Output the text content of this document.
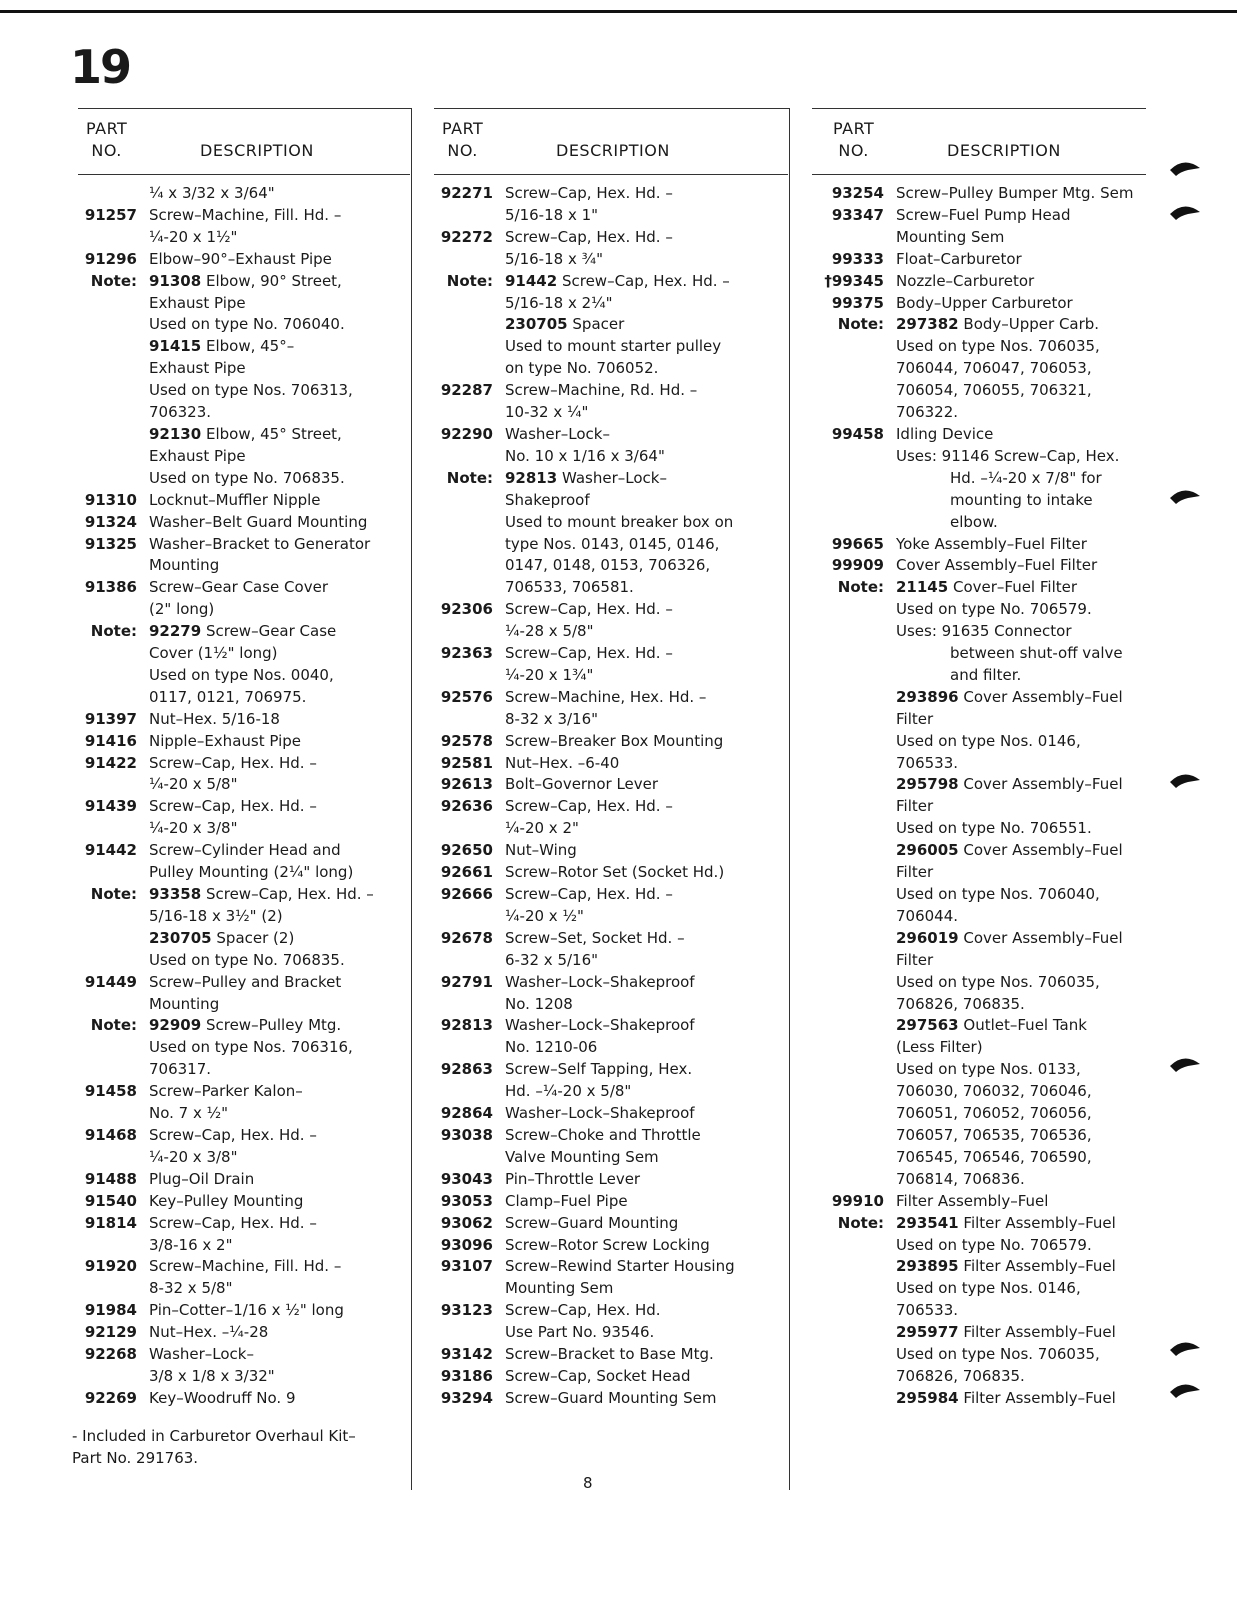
19
PART
NO.	DESCRIPTION
PART
NO.	DESCRIPTION
PART
NO.	DESCRIPTION
¼ x 3/32 x 3/64"
91257 Screw–Machine, Fill. Hd. –
¼-20 x 1½"
91296 Elbow–90°–Exhaust Pipe
Note: 91308 Elbow, 90° Street,
Exhaust Pipe
Used on type No. 706040.
91415 Elbow, 45°–
Exhaust Pipe
Used on type Nos. 706313,
706323.
92130 Elbow, 45° Street,
Exhaust Pipe
Used on type No. 706835.
91310 Locknut–Muffler Nipple
91324 Washer–Belt Guard Mounting
91325 Washer–Bracket to Generator
Mounting
91386 Screw–Gear Case Cover
(2" long)
Note: 92279 Screw–Gear Case
Cover (1½" long)
Used on type Nos. 0040,
0117, 0121, 706975.
91397 Nut–Hex. 5/16-18
91416 Nipple–Exhaust Pipe
91422 Screw–Cap, Hex. Hd. –
¼-20 x 5/8"
91439 Screw–Cap, Hex. Hd. –
¼-20 x 3/8"
91442 Screw–Cylinder Head and
Pulley Mounting (2¼" long)
Note: 93358 Screw–Cap, Hex. Hd. –
5/16-18 x 3½" (2)
230705 Spacer (2)
Used on type No. 706835.
91449 Screw–Pulley and Bracket
Mounting
Note: 92909 Screw–Pulley Mtg.
Used on type Nos. 706316,
706317.
91458 Screw–Parker Kalon–
No. 7 x ½"
91468 Screw–Cap, Hex. Hd. –
¼-20 x 3/8"
91488 Plug–Oil Drain
91540 Key–Pulley Mounting
91814 Screw–Cap, Hex. Hd. –
3/8-16 x 2"
91920 Screw–Machine, Fill. Hd. –
8-32 x 5/8"
91984 Pin–Cotter–1/16 x ½" long
92129 Nut–Hex. –¼-28
92268 Washer–Lock–
3/8 x 1/8 x 3/32"
92269 Key–Woodruff No. 9
92271 Screw–Cap, Hex. Hd. –
5/16-18 x 1"
92272 Screw–Cap, Hex. Hd. –
5/16-18 x ¾"
Note: 91442 Screw–Cap, Hex. Hd. –
5/16-18 x 2¼"
230705 Spacer
Used to mount starter pulley
on type No. 706052.
92287 Screw–Machine, Rd. Hd. –
10-32 x ¼"
92290 Washer–Lock–
No. 10 x 1/16 x 3/64"
Note: 92813 Washer–Lock–
Shakeproof
Used to mount breaker box on
type Nos. 0143, 0145, 0146,
0147, 0148, 0153, 706326,
706533, 706581.
92306 Screw–Cap, Hex. Hd. –
¼-28 x 5/8"
92363 Screw–Cap, Hex. Hd. –
¼-20 x 1¾"
92576 Screw–Machine, Hex. Hd. –
8-32 x 3/16"
92578 Screw–Breaker Box Mounting
92581 Nut–Hex. –6-40
92613 Bolt–Governor Lever
92636 Screw–Cap, Hex. Hd. –
¼-20 x 2"
92650 Nut–Wing
92661 Screw–Rotor Set (Socket Hd.)
92666 Screw–Cap, Hex. Hd. –
¼-20 x ½"
92678 Screw–Set, Socket Hd. –
6-32 x 5/16"
92791 Washer–Lock–Shakeproof
No. 1208
92813 Washer–Lock–Shakeproof
No. 1210-06
92863 Screw–Self Tapping, Hex.
Hd. –¼-20 x 5/8"
92864 Washer–Lock–Shakeproof
93038 Screw–Choke and Throttle
Valve Mounting Sem
93043 Pin–Throttle Lever
93053 Clamp–Fuel Pipe
93062 Screw–Guard Mounting
93096 Screw–Rotor Screw Locking
93107 Screw–Rewind Starter Housing
Mounting Sem
93123 Screw–Cap, Hex. Hd.
Use Part No. 93546.
93142 Screw–Bracket to Base Mtg.
93186 Screw–Cap, Socket Head
93294 Screw–Guard Mounting Sem
93254 Screw–Pulley Bumper Mtg. Sem
93347 Screw–Fuel Pump Head
Mounting Sem
99333 Float–Carburetor
†99345 Nozzle–Carburetor
99375 Body–Upper Carburetor
Note: 297382 Body–Upper Carb.
Used on type Nos. 706035,
706044, 706047, 706053,
706054, 706055, 706321,
706322.
99458 Idling Device
Uses: 91146 Screw–Cap, Hex.
Hd. –¼-20 x 7/8" for
mounting to intake
elbow.
99665 Yoke Assembly–Fuel Filter
99909 Cover Assembly–Fuel Filter
Note: 21145 Cover–Fuel Filter
Used on type No. 706579.
Uses: 91635 Connector
between shut-off valve
and filter.
293896 Cover Assembly–Fuel
Filter
Used on type Nos. 0146,
706533.
295798 Cover Assembly–Fuel
Filter
Used on type No. 706551.
296005 Cover Assembly–Fuel
Filter
Used on type Nos. 706040,
706044.
296019 Cover Assembly–Fuel
Filter
Used on type Nos. 706035,
706826, 706835.
297563 Outlet–Fuel Tank
(Less Filter)
Used on type Nos. 0133,
706030, 706032, 706046,
706051, 706052, 706056,
706057, 706535, 706536,
706545, 706546, 706590,
706814, 706836.
99910 Filter Assembly–Fuel
Note: 293541 Filter Assembly–Fuel
Used on type No. 706579.
293895 Filter Assembly–Fuel
Used on type Nos. 0146,
706533.
295977 Filter Assembly–Fuel
Used on type Nos. 706035,
706826, 706835.
295984 Filter Assembly–Fuel
- Included in Carburetor Overhaul Kit–
Part No. 291763.
8
